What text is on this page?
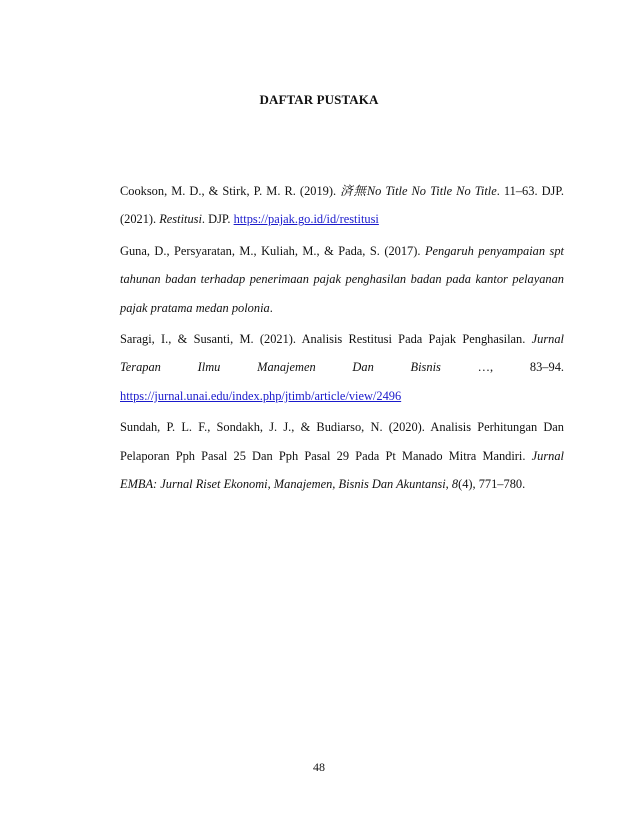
DAFTAR PUSTAKA
Cookson, M. D., & Stirk, P. M. R. (2019). 済無No Title No Title No Title. 11–63. DJP.
(2021). Restitusi. DJP. https://pajak.go.id/id/restitusi
Guna, D., Persyaratan, M., Kuliah, M., & Pada, S. (2017). Pengaruh penyampaian spt
tahunan badan terhadap penerimaan pajak penghasilan badan pada kantor pelayanan
pajak pratama medan polonia.
Saragi, I., & Susanti, M. (2021). Analisis Restitusi Pada Pajak Penghasilan. Jurnal
Terapan Ilmu Manajemen Dan Bisnis …, 83–94.
https://jurnal.unai.edu/index.php/jtimb/article/view/2496
Sundah, P. L. F., Sondakh, J. J., & Budiarso, N. (2020). Analisis Perhitungan Dan
Pelaporan Pph Pasal 25 Dan Pph Pasal 29 Pada Pt Manado Mitra Mandiri. Jurnal
EMBA: Jurnal Riset Ekonomi, Manajemen, Bisnis Dan Akuntansi, 8(4), 771–780.
48
